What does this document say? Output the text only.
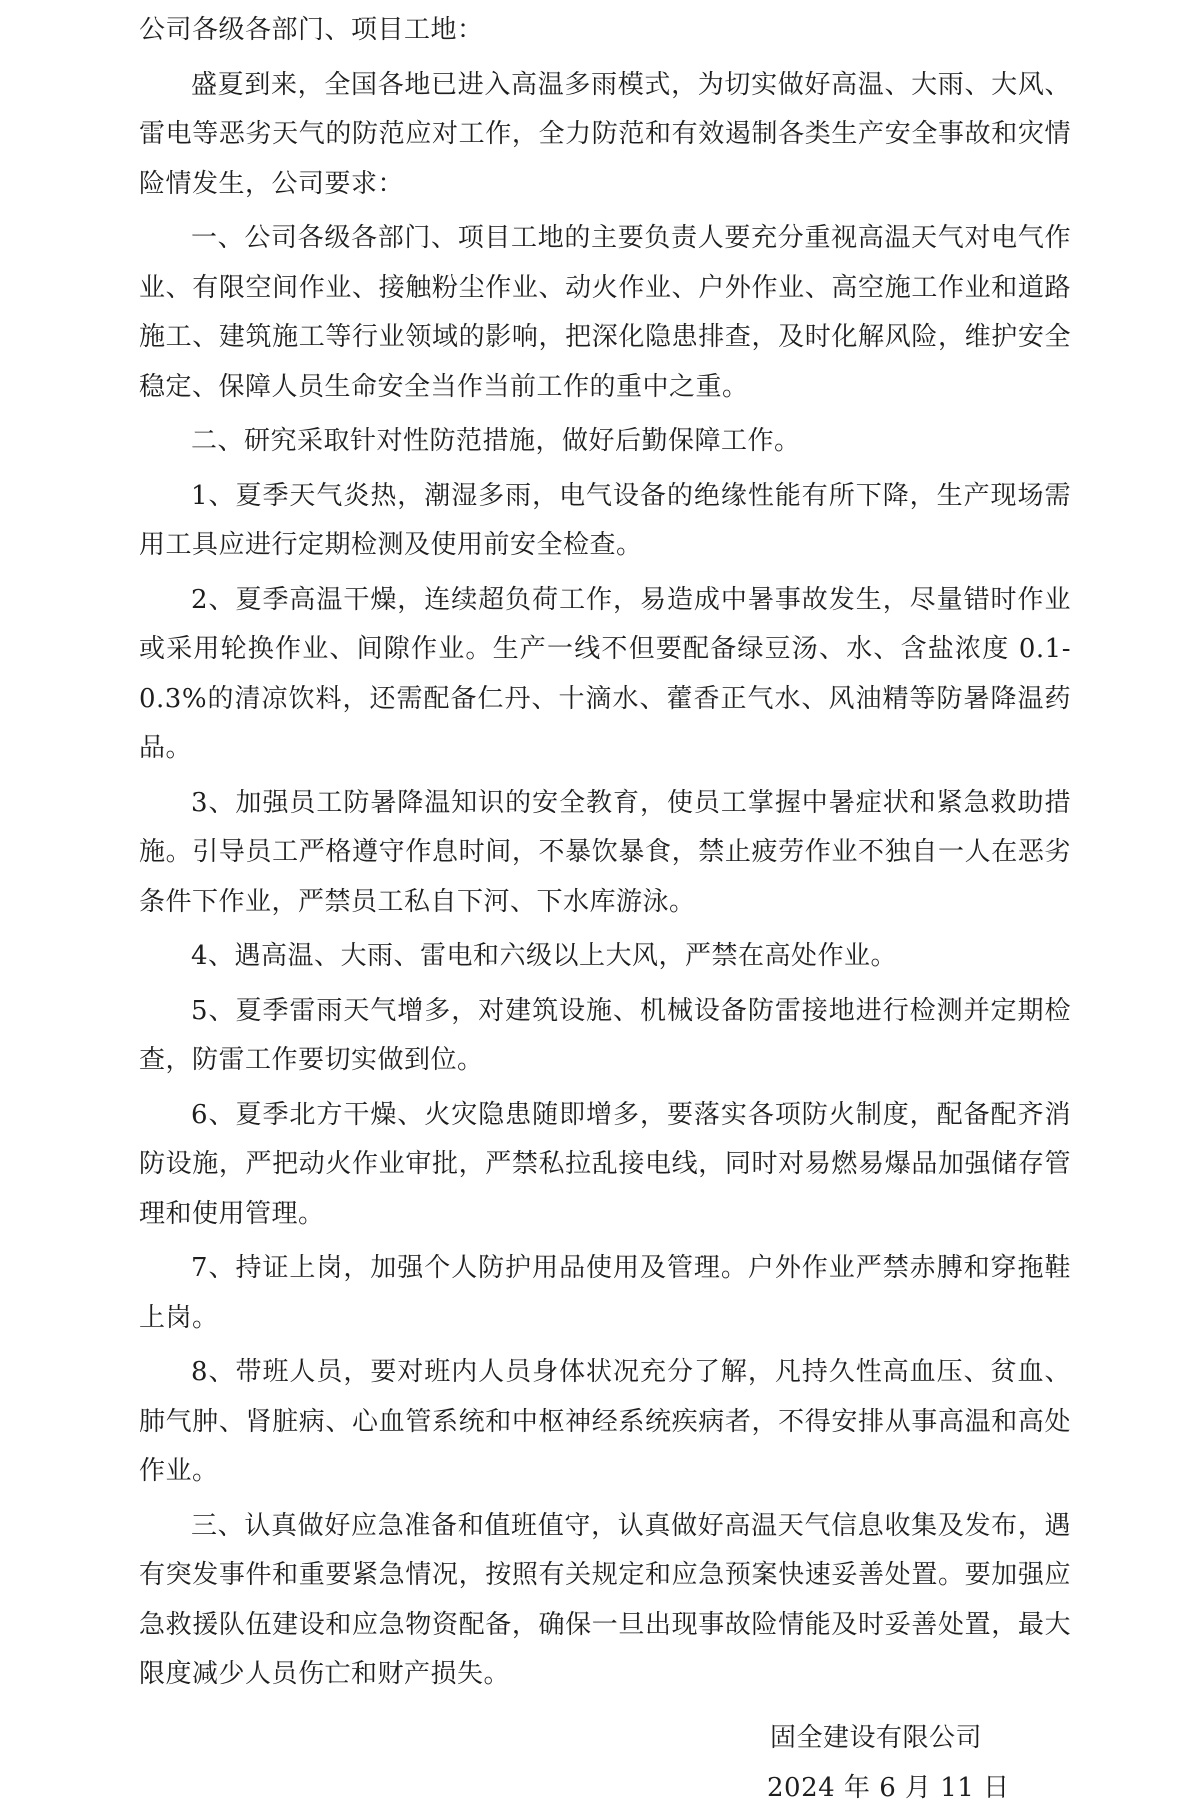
公司各级各部门、项目工地：

盛夏到来，全国各地已进入高温多雨模式，为切实做好高温、大雨、大风、雷电等恶劣天气的防范应对工作，全力防范和有效遏制各类生产安全事故和灾情险情发生，公司要求：

一、公司各级各部门、项目工地的主要负责人要充分重视高温天气对电气作业、有限空间作业、接触粉尘作业、动火作业、户外作业、高空施工作业和道路施工、建筑施工等行业领域的影响，把深化隐患排查，及时化解风险，维护安全稳定、保障人员生命安全当作当前工作的重中之重。

二、研究采取针对性防范措施，做好后勤保障工作。

1、夏季天气炎热，潮湿多雨，电气设备的绝缘性能有所下降，生产现场需用工具应进行定期检测及使用前安全检查。

2、夏季高温干燥，连续超负荷工作，易造成中暑事故发生，尽量错时作业或采用轮换作业、间隙作业。生产一线不但要配备绿豆汤、水、含盐浓度 0.1-0.3%的清凉饮料，还需配备仁丹、十滴水、藿香正气水、风油精等防暑降温药品。

3、加强员工防暑降温知识的安全教育，使员工掌握中暑症状和紧急救助措施。引导员工严格遵守作息时间，不暴饮暴食，禁止疲劳作业不独自一人在恶劣条件下作业，严禁员工私自下河、下水库游泳。

4、遇高温、大雨、雷电和六级以上大风，严禁在高处作业。

5、夏季雷雨天气增多，对建筑设施、机械设备防雷接地进行检测并定期检查，防雷工作要切实做到位。

6、夏季北方干燥、火灾隐患随即增多，要落实各项防火制度，配备配齐消防设施，严把动火作业审批，严禁私拉乱接电线，同时对易燃易爆品加强储存管理和使用管理。

7、持证上岗，加强个人防护用品使用及管理。户外作业严禁赤膊和穿拖鞋上岗。

8、带班人员，要对班内人员身体状况充分了解，凡持久性高血压、贫血、肺气肿、肾脏病、心血管系统和中枢神经系统疾病者，不得安排从事高温和高处作业。

三、认真做好应急准备和值班值守，认真做好高温天气信息收集及发布，遇有突发事件和重要紧急情况，按照有关规定和应急预案快速妥善处置。要加强应急救援队伍建设和应急物资配备，确保一旦出现事故险情能及时妥善处置，最大限度减少人员伤亡和财产损失。

固全建设有限公司
2024 年 6 月 11 日
